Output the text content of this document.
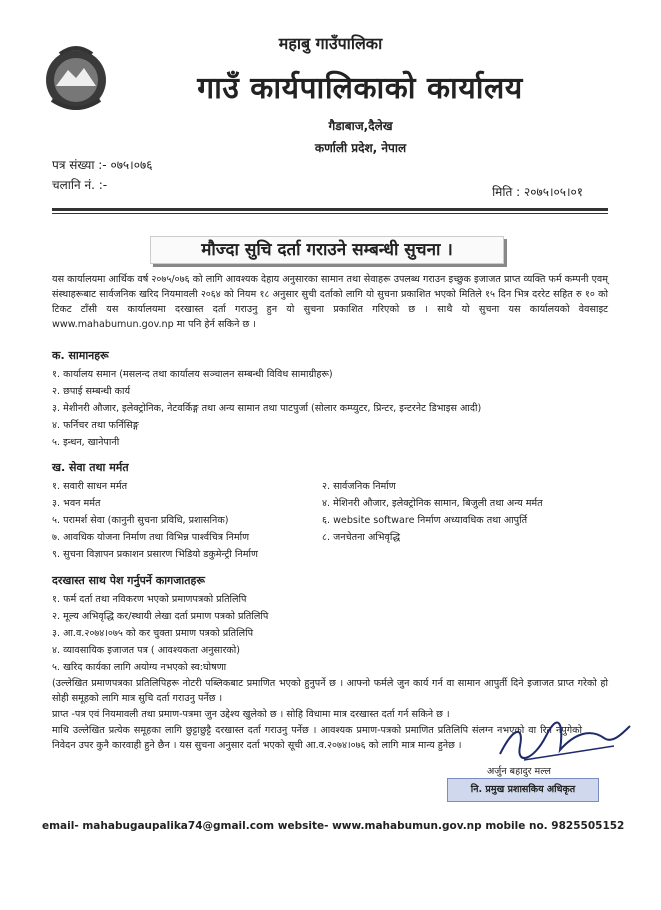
महाबु गाउँपालिका
गाउँ कार्यपालिकाको कार्यालय
गैडाबाज,दैलेख
कर्णाली प्रदेश, नेपाल
पत्र संख्या :- ०७५।०७६
चलानि नं. :-	मिति : २०७५।०५।०१
मौज्दा सुचि दर्ता गराउने सम्बन्धी सुचना ।
यस कार्यालयमा आर्थिक वर्ष २०७५/०७६ को लागि आवश्यक देहाय अनुसारका सामान तथा सेवाहरू उपलब्ध गराउन इच्छुक इजाजत प्राप्त व्यक्ति फर्म कम्पनी एवम् संस्थाहरूबाट सार्वजनिक खरिद नियमावली २०६४ को नियम १८ अनुसार सुची दर्ताको लागि यो सुचना प्रकाशित भएको मितिले १५ दिन भित्र दररेट सहित रु १० को टिकट टाँसी यस कार्यालयमा दरखास्त दर्ता गराउनु हुन यो सुचना प्रकाशित गरिएको छ । साथै यो सुचना यस कार्यालयको वेवसाइट www.mahabumun.gov.np मा पनि हेर्न सकिने छ ।
क. सामानहरू
१. कार्यालय समान (मसलन्द तथा कार्यालय सञ्चालन सम्बन्धी विविध सामाग्रीहरू)
२. छपाई सम्बन्धी कार्य
३. मेशीनरी औजार, इलेक्ट्रोनिक, नेटवर्किङ्ग तथा अन्य सामान तथा पाटपुर्जा (सोलार कम्प्युटर, प्रिन्टर, इन्टरनेट डिभाइस आदी)
४. फर्निचर तथा फर्निसिङ्ग
५. इन्धन, खानेपानी
ख. सेवा तथा मर्मत
१. सवारी साधन मर्मत
३. भवन मर्मत
५. परामर्श सेवा (कानुनी सुचना प्रविधि, प्रशासनिक)
७. आवधिक योजना निर्माण तथा विभिन्न पार्श्वचित्र निर्माण
९. सुचना विज्ञापन प्रकाशन प्रसारण भिडियो डकुमेन्ट्री निर्माण
२. सार्वजनिक निर्माण
४. मेशिनरी औजार, इलेक्ट्रोनिक सामान, बिजुली तथा अन्य मर्मत
६. website software निर्माण अध्यावधिक तथा आपुर्ति
८. जनचेतना अभिवृद्धि
दरखास्त साथ पेश गर्नुपर्ने कागजातहरू
१. फर्म दर्ता तथा नविकरण भएको प्रमाणपत्रको प्रतिलिपि
२. मूल्य अभिवृद्धि कर/स्थायी लेखा दर्ता प्रमाण पत्रको प्रतिलिपि
३. आ.व.२०७४।०७५ को कर चुक्ता प्रमाण पत्रको प्रतिलिपि
४. व्यावसायिक इजाजत पत्र ( आवश्यकता अनुसारको)
५. खरिद कार्यका लागि अयोग्य नभएको स्व:घोषणा
(उल्लेखित प्रमाणपत्रका प्रतिलिपिहरू नोटरी पब्लिकबाट प्रमाणित भएको हुनुपर्ने छ । आफ्नो फर्मले जुन कार्य गर्न वा सामान आपुर्ती दिने इजाजत प्राप्त गरेको हो सोही समूहको लागि मात्र सुचि दर्ता गराउनु पर्नेछ ।
प्राप्त -पत्र एवं नियमावली तथा प्रमाण-पत्रमा जुन उद्देश्य खुलेको छ । सोहि विधामा मात्र दरखास्त दर्ता गर्न सकिने छ ।
माथि उल्लेखित प्रत्येक समूहका लागि छुट्टाछुट्टै दरखास्त दर्ता गराउनु पर्नेछ । आवश्यक प्रमाण-पत्रको प्रमाणित प्रतिलिपि संलग्न नभएको वा रित नपुगेको निवेदन उपर कुनै कारवाही हुने छैन । यस सुचना अनुसार दर्ता भएको सूची आ.व.२०७४।०७६ को लागि मात्र मान्य हुनेछ ।
अर्जुन बहादुर मल्ल
नि. प्रमुख प्रशासकिय अधिकृत
email- mahabugaupalika74@gmail.com website- www.mahabumun.gov.np mobile no. 9825505152
